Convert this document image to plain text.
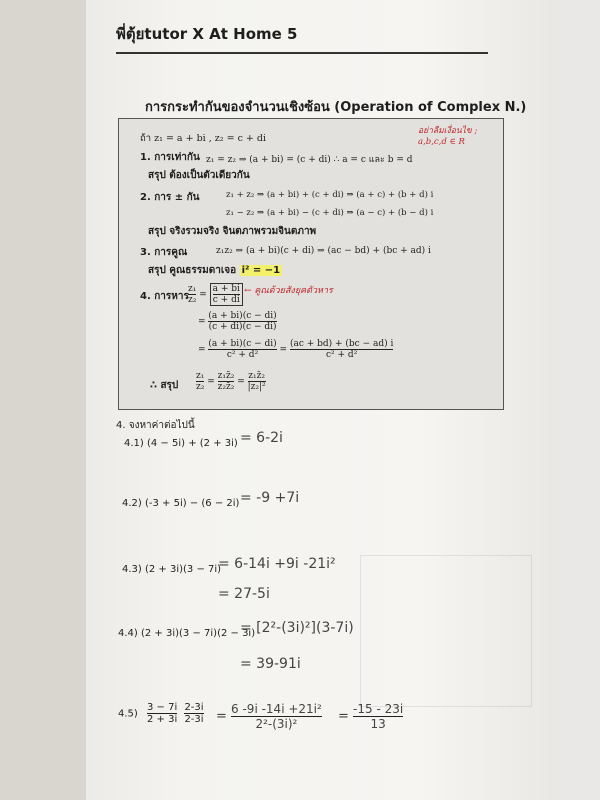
พี่ตุ้ยtutor X At Home 5
การกระทำกันของจำนวนเชิงซ้อน (Operation of Complex N.)
ถ้า z₁ = a + bi , z₂ = c + di
อย่าลืมเงื่อนไข ; a,b,c,d ∈ R
1. การเท่ากัน z₁ = z₂ ⇒ (a + bi) = (c + di) ∴ a = c และ b = d
สรุป ต้องเป็นตัวเดียวกัน
2. การ ± กัน	z₁ + z₂ ⇒ (a + bi) + (c + di) ⇒ (a + c) + (b + d) i
z₁ − z₂ ⇒ (a + bi) − (c + di) ⇒ (a − c) + (b − d) i
สรุป จริงรวมจริง จินตภาพรวมจินตภาพ
3. การคูณ	z₁z₂ ⇒ (a + bi)(c + di) ⇒ (ac − bd) + (bc + ad) i
สรุป คูณธรรมดาเจอ i² = −1
4. การหาร $\frac{\text{z₁}}{\text{z₂}} = \frac{a + bi}{c + di}$ ← คูณด้วยสังยุคตัวหาร
= $\frac{(a + bi)(c - di)}{(c + di)(c - di)}$
= $\frac{(a + bi)(c - di)}{\text{c² + d²}} = \frac{(ac + bd) + (bc - ad) i}{\text{c² + d²}}$
∴ สรุป $\frac{\text{z₁}}{\text{z₂}} = \frac{\text{z₁z̄₂}}{\text{z₂z̄₂}} = \frac{\text{z₁z̄₂}}{\text{|z₂|²}}$
4. จงหาค่าต่อไปนี้
4.1) (4 − 5i) + (2 + 3i) = 6-2i
4.2) (-3 + 5i) − (6 − 2i) = -9 +7i
4.3) (2 + 3i)(3 − 7i)
= 6-14i +9i -21i²
= 27-5i
4.4) (2 + 3i)(3 − 7i)(2 − 3i)
= [2²-(3i)²](3-7i)
= 39-91i
$4.5) \frac{3 - 7i}{2 + 3i}$
$\frac{2-3i}{2-3i} = \frac{\text{6 -9i -14i +21i²}}{\text{2²-(3i)²}} = \frac{-15 - 23i}{13}$
